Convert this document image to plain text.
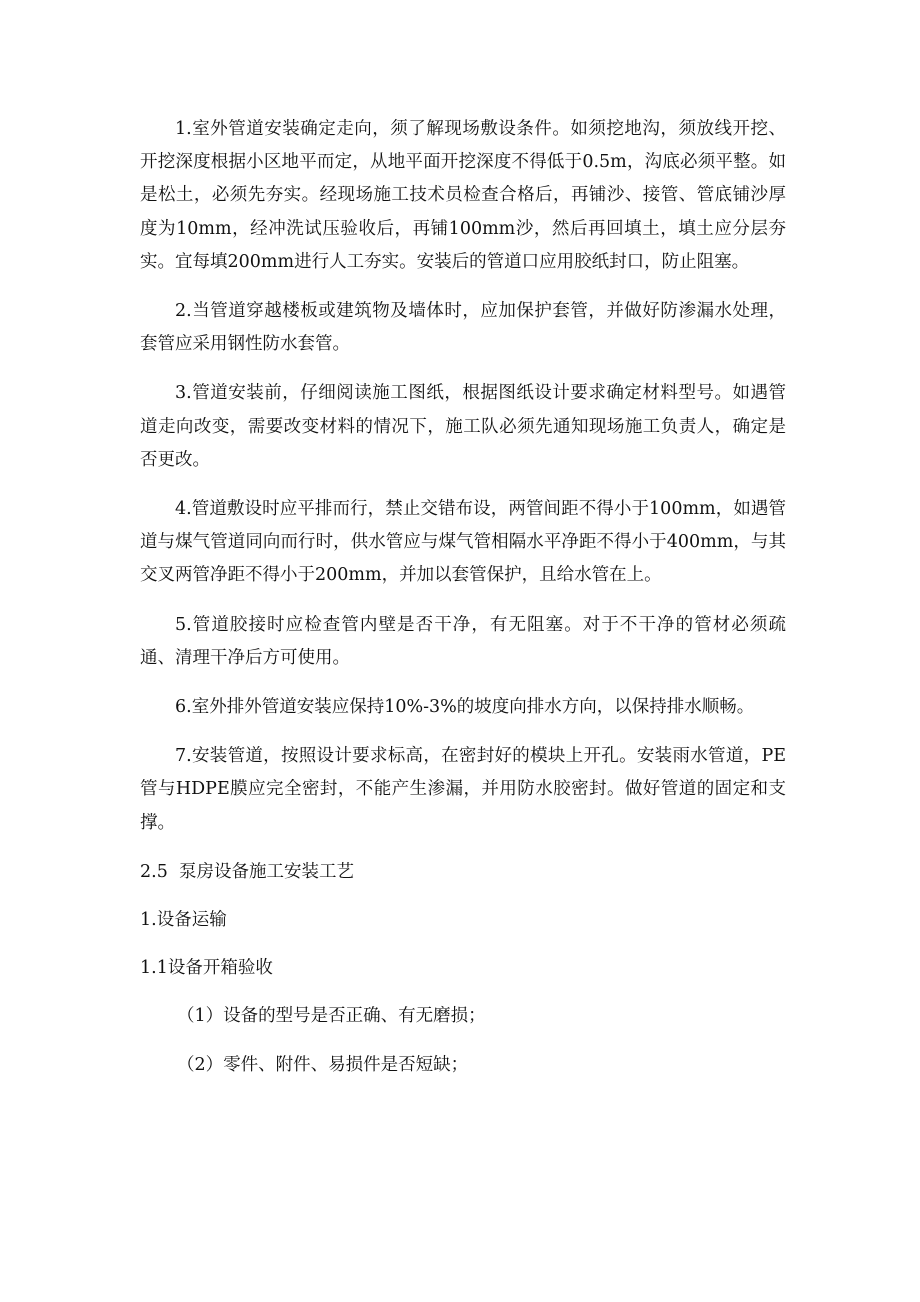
1.室外管道安装确定走向，须了解现场敷设条件。如须挖地沟，须放线开挖、开挖深度根据小区地平而定，从地平面开挖深度不得低于0.5m，沟底必须平整。如是松土，必须先夯实。经现场施工技术员检查合格后，再铺沙、接管、管底铺沙厚度为10mm，经冲洗试压验收后，再铺100mm沙，然后再回填土，填土应分层夯实。宜每填200mm进行人工夯实。安装后的管道口应用胶纸封口，防止阻塞。

2.当管道穿越楼板或建筑物及墙体时，应加保护套管，并做好防渗漏水处理，套管应采用钢性防水套管。

3.管道安装前，仔细阅读施工图纸，根据图纸设计要求确定材料型号。如遇管道走向改变，需要改变材料的情况下，施工队必须先通知现场施工负责人，确定是否更改。

4.管道敷设时应平排而行，禁止交错布设，两管间距不得小于100mm，如遇管道与煤气管道同向而行时，供水管应与煤气管相隔水平净距不得小于400mm，与其交叉两管净距不得小于200mm，并加以套管保护，且给水管在上。

5.管道胶接时应检查管内壁是否干净，有无阻塞。对于不干净的管材必须疏通、清理干净后方可使用。

6.室外排外管道安装应保持10%-3%的坡度向排水方向，以保持排水顺畅。

7.安装管道，按照设计要求标高，在密封好的模块上开孔。安装雨水管道，PE管与HDPE膜应完全密封，不能产生渗漏，并用防水胶密封。做好管道的固定和支撑。

2.5  泵房设备施工安装工艺

1.设备运输

1.1设备开箱验收

（1）设备的型号是否正确、有无磨损；

（2）零件、附件、易损件是否短缺；
